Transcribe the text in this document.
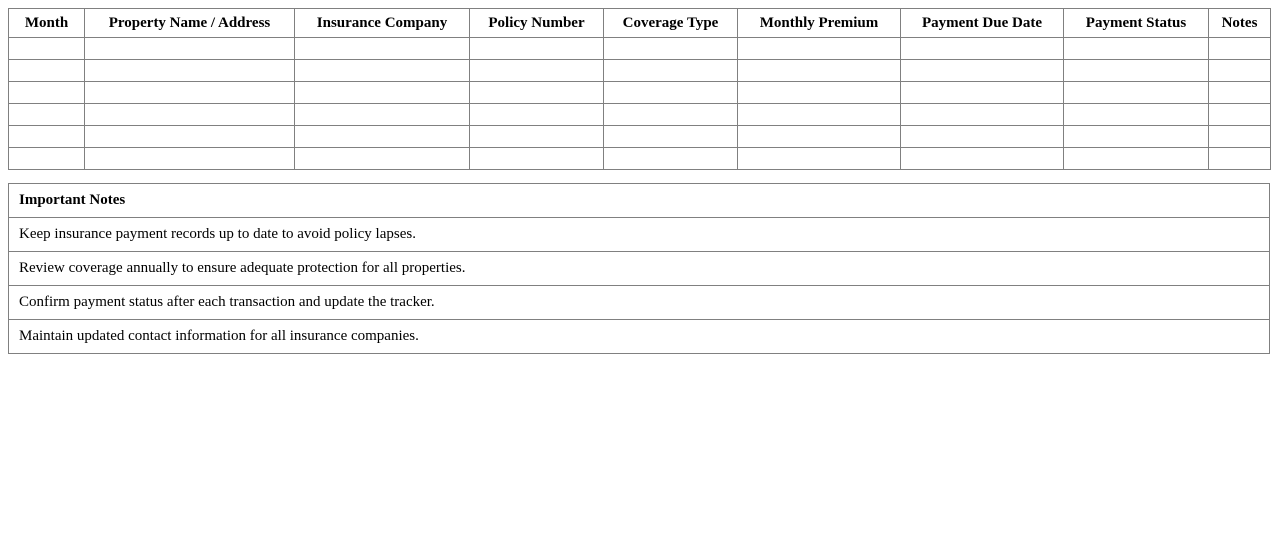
Month	Property Name / Address	Insurance Company	Policy Number	Coverage Type	Monthly Premium	Payment Due Date	Payment Status	Notes

Important Notes
Keep insurance payment records up to date to avoid policy lapses.
Review coverage annually to ensure adequate protection for all properties.
Confirm payment status after each transaction and update the tracker.
Maintain updated contact information for all insurance companies.
